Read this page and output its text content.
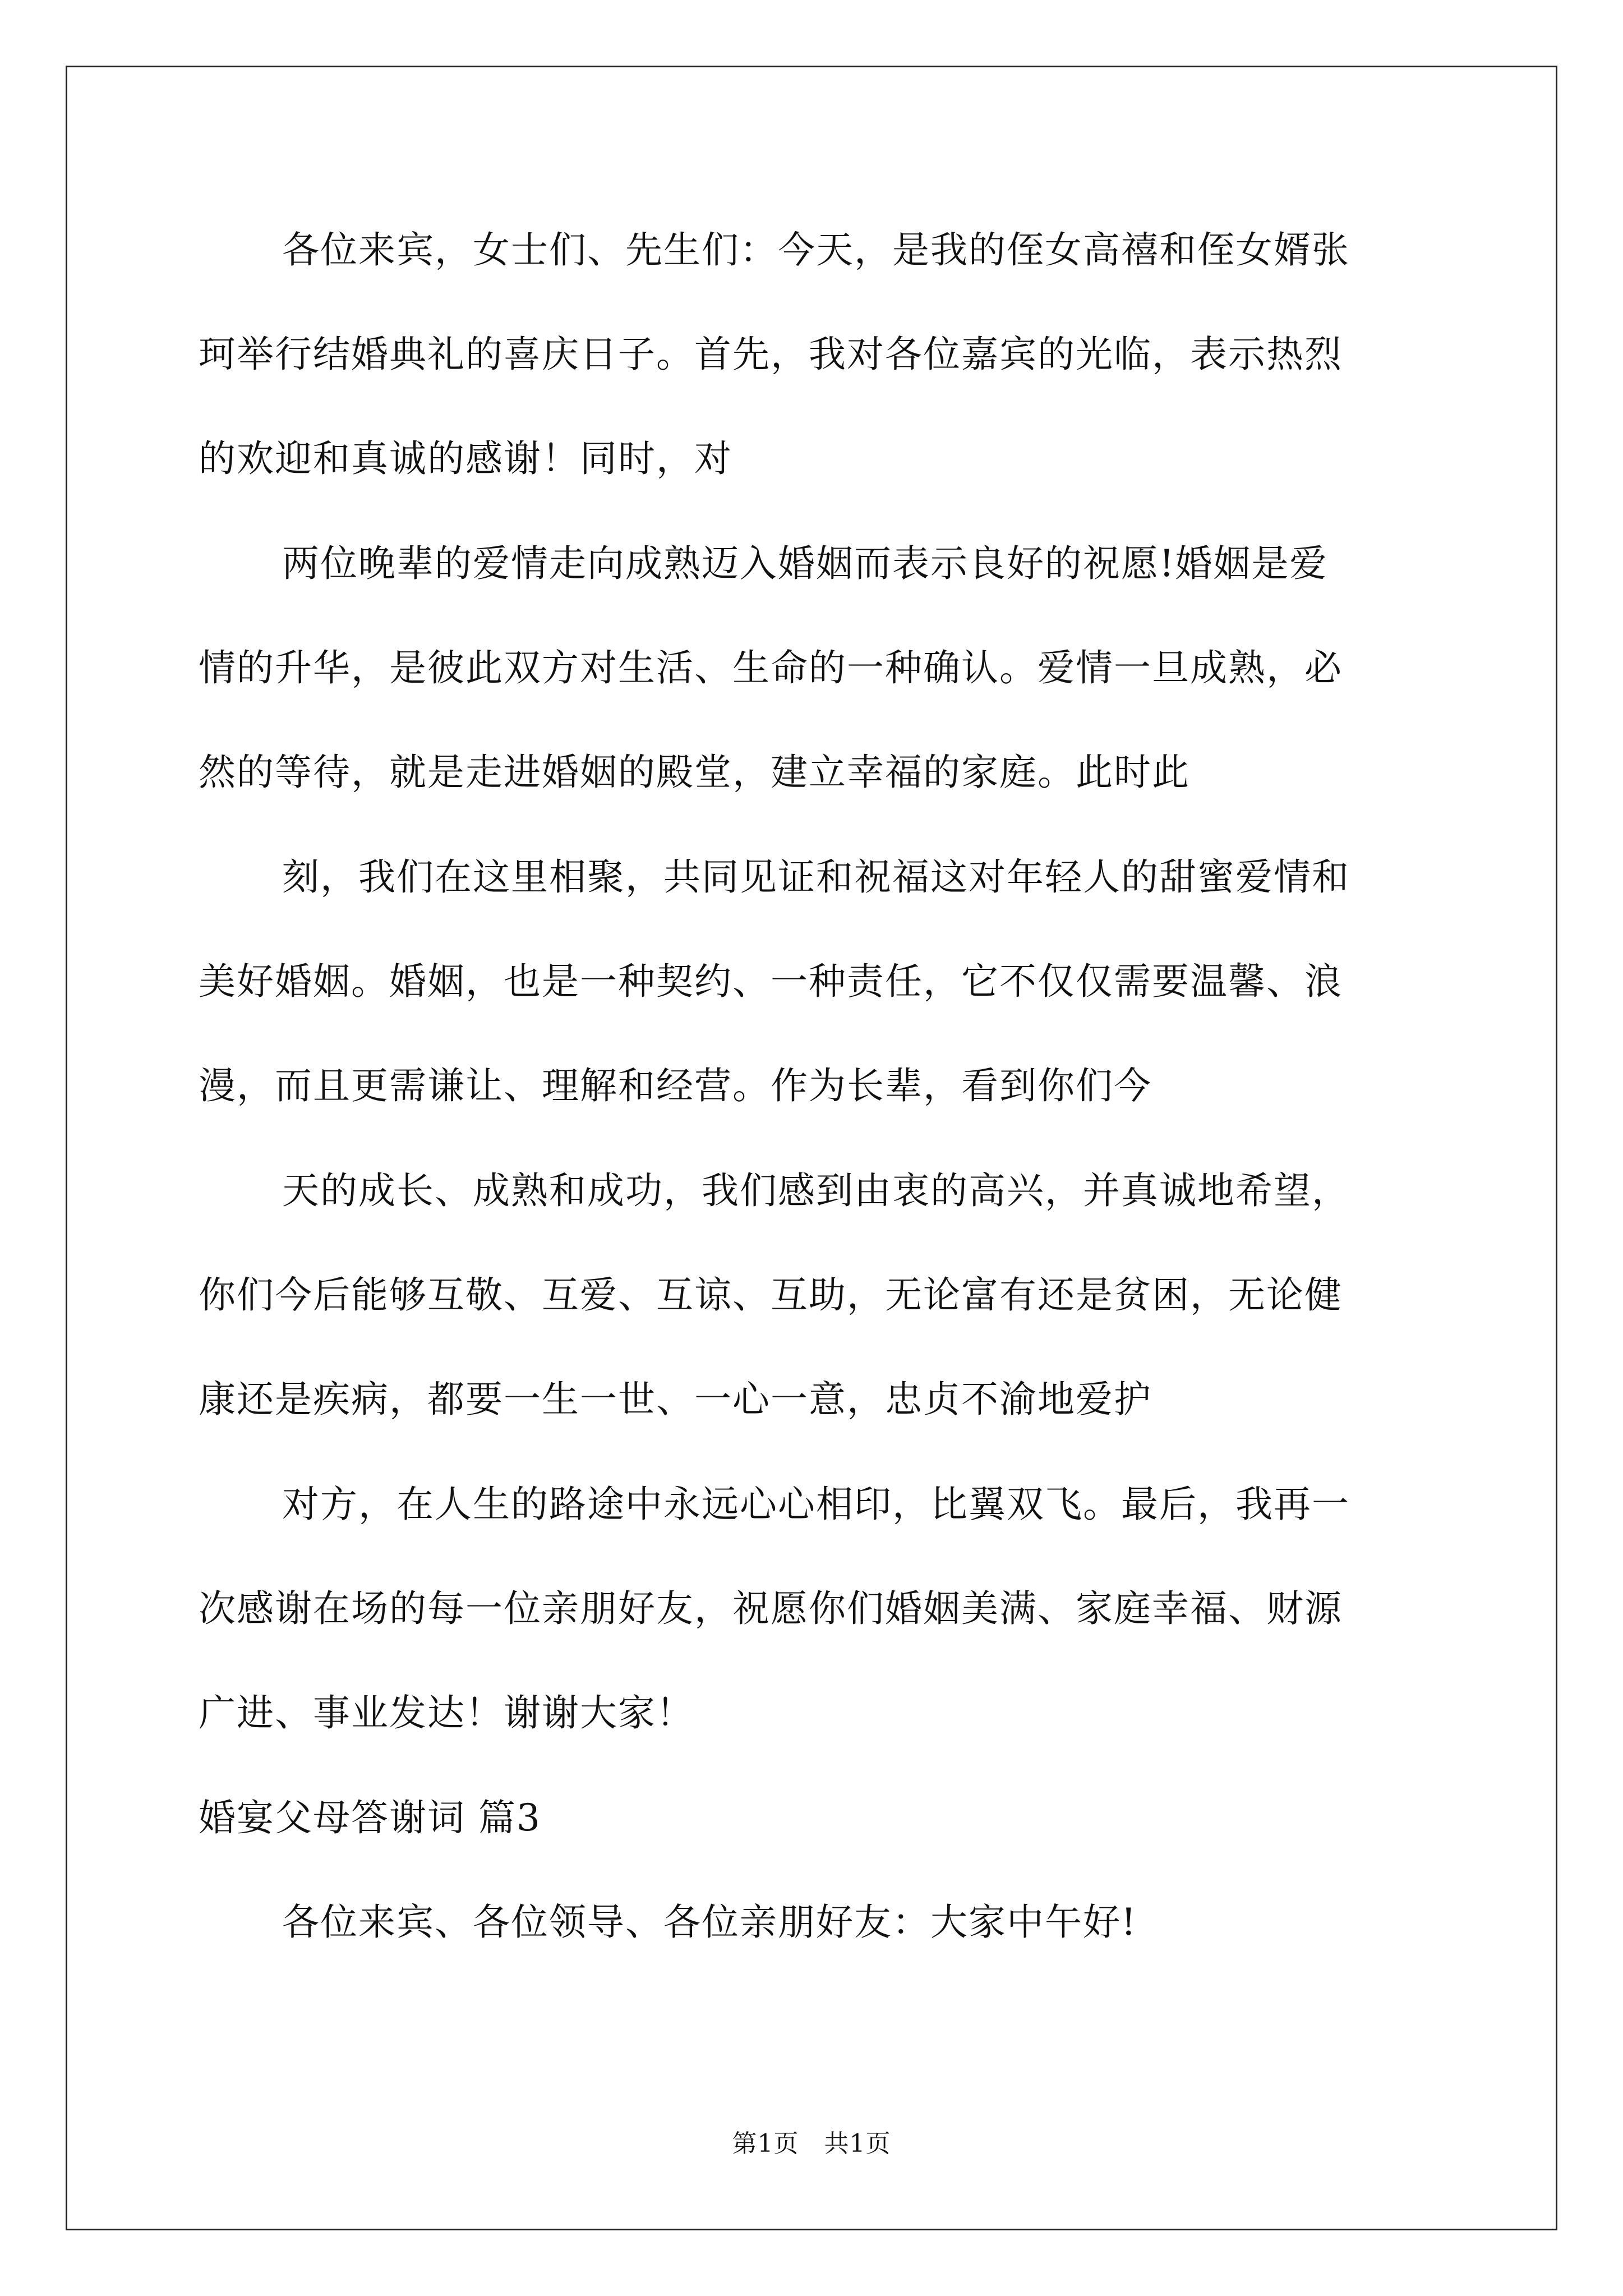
各位来宾，女士们、先生们：今天，是我的侄女高禧和侄女婿张
珂举行结婚典礼的喜庆日子。首先，我对各位嘉宾的光临，表示热烈
的欢迎和真诚的感谢！同时，对
两位晚辈的爱情走向成熟迈入婚姻而表示良好的祝愿!婚姻是爱
情的升华，是彼此双方对生活、生命的一种确认。爱情一旦成熟，必
然的等待，就是走进婚姻的殿堂，建立幸福的家庭。此时此
刻，我们在这里相聚，共同见证和祝福这对年轻人的甜蜜爱情和
美好婚姻。婚姻，也是一种契约、一种责任，它不仅仅需要温馨、浪
漫，而且更需谦让、理解和经营。作为长辈，看到你们今
天的成长、成熟和成功，我们感到由衷的高兴，并真诚地希望，
你们今后能够互敬、互爱、互谅、互助，无论富有还是贫困，无论健
康还是疾病，都要一生一世、一心一意，忠贞不渝地爱护
对方，在人生的路途中永远心心相印，比翼双飞。最后，我再一
次感谢在场的每一位亲朋好友，祝愿你们婚姻美满、家庭幸福、财源
广进、事业发达！谢谢大家！
婚宴父母答谢词 篇3
各位来宾、各位领导、各位亲朋好友：大家中午好!
第1页　共1页
